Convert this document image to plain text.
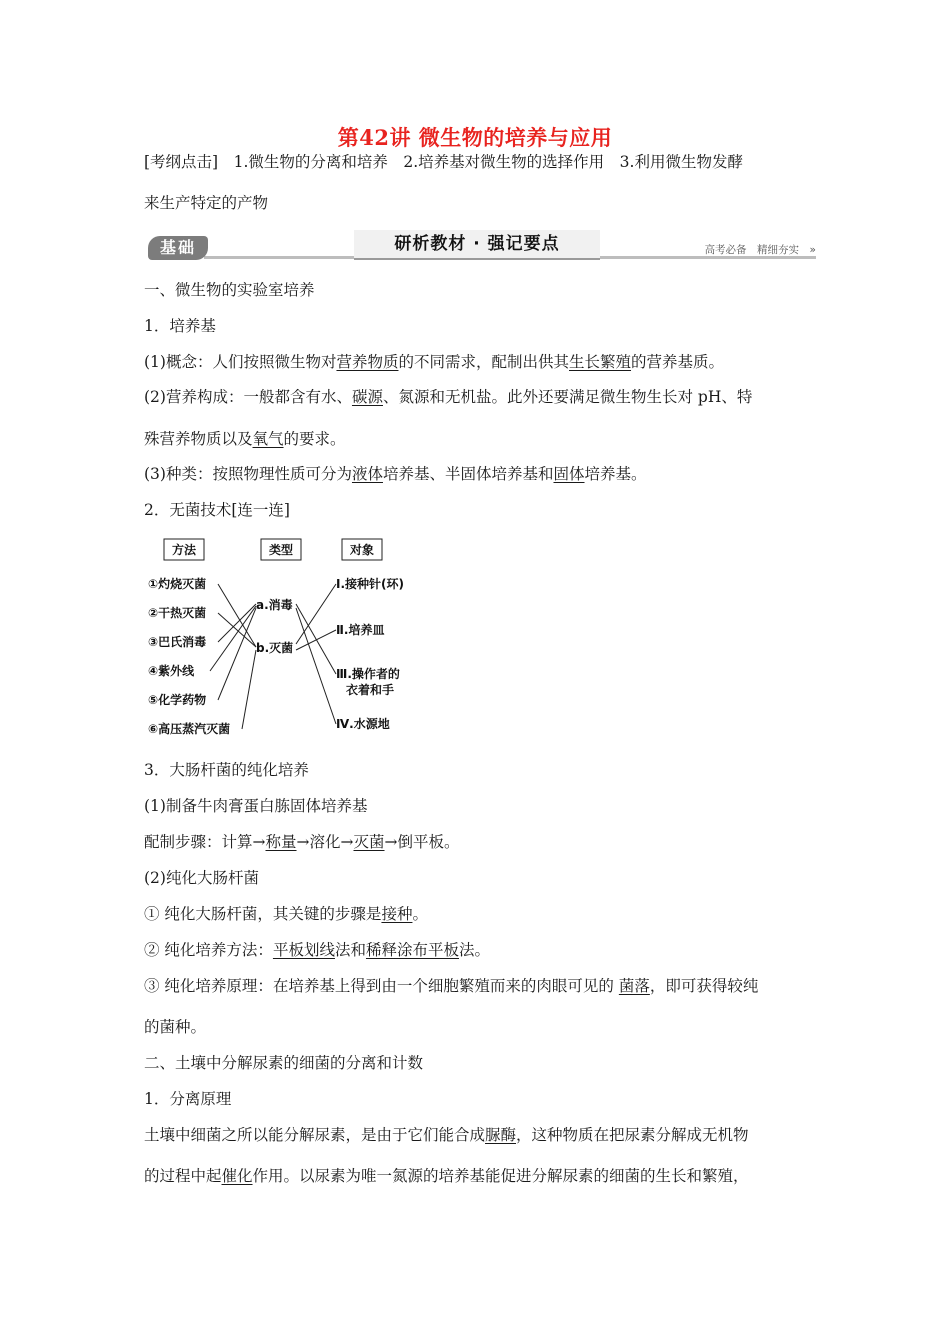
第42讲 微生物的培养与应用
[考纲点击]　1.微生物的分离和培养　2.培养基对微生物的选择作用　3.利用微生物发酵
来生产特定的产物
基础	研析教材 · 强记要点	高考必备　精细夯实　»
一、微生物的实验室培养
1．培养基
(1)概念：人们按照微生物对营养物质的不同需求，配制出供其生长繁殖的营养基质。
(2)营养构成：一般都含有水、碳源、氮源和无机盐。此外还要满足微生物生长对 pH、特
殊营养物质以及氧气的要求。
(3)种类：按照物理性质可分为液体培养基、半固体培养基和固体培养基。
2．无菌技术[连一连]
方法	类型	对象
①灼烧灭菌
②干热灭菌
③巴氏消毒
④紫外线
⑤化学药物
⑥高压蒸汽灭菌
a.消毒
b.灭菌
Ⅰ.接种针(环)
Ⅱ.培养皿
Ⅲ.操作者的
衣着和手
Ⅳ.水源地
3．大肠杆菌的纯化培养
(1)制备牛肉膏蛋白胨固体培养基
配制步骤：计算→称量→溶化→灭菌→倒平板。
(2)纯化大肠杆菌
① 纯化大肠杆菌，其关键的步骤是接种。
② 纯化培养方法：平板划线法和稀释涂布平板法。
③ 纯化培养原理：在培养基上得到由一个细胞繁殖而来的肉眼可见的 菌落，即可获得较纯
的菌种。
二、土壤中分解尿素的细菌的分离和计数
1．分离原理
土壤中细菌之所以能分解尿素，是由于它们能合成脲酶，这种物质在把尿素分解成无机物
的过程中起催化作用。以尿素为唯一氮源的培养基能促进分解尿素的细菌的生长和繁殖，
